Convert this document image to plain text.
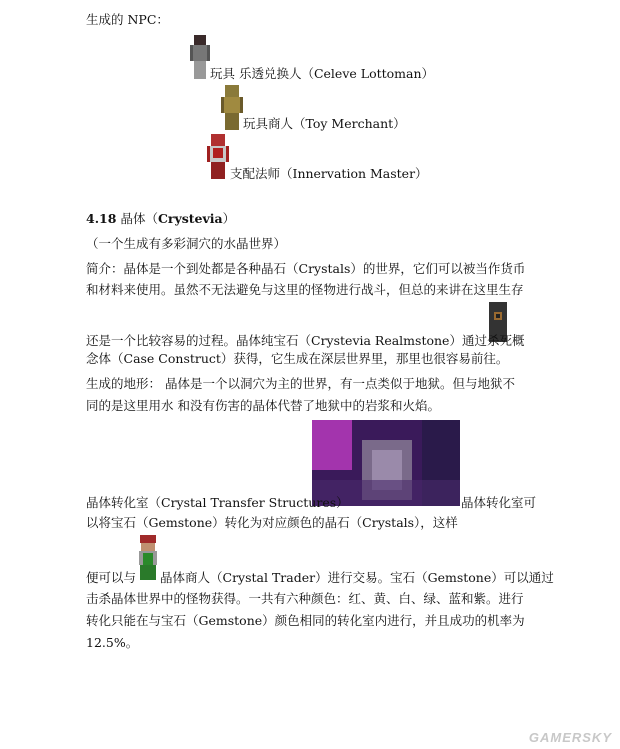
生成的 NPC：
玩具 乐透兑换人（Celeve Lottoman）
玩具商人（Toy Merchant）
支配法师（Innervation Master）
4.18 晶体（Crystevia）
（一个生成有多彩洞穴的水晶世界）
简介：晶体是一个到处都是各种晶石（Crystals）的世界，它们可以被当作货币
和材料来使用。虽然不无法避免与这里的怪物进行战斗，但总的来讲在这里生存
还是一个比较容易的过程。晶体纯宝石（Crystevia Realmstone）通过杀死 概
念体（Case Construct）获得，它生成在深层世界里，那里也很容易前往。
生成的地形： 晶体是一个以洞穴为主的世界，有一点类似于地狱。但与地狱不
同的是这里用水 和没有伤害的晶体代替了地狱中的岩浆和火焰。
晶体转化室（Crystal Transfer Structures）	晶体转化室可
以将宝石（Gemstone）转化为对应颜色的晶石（Crystals），这样
便可以与 晶体商人（Crystal Trader）进行交易。宝石（Gemstone）可以通过
击杀晶体世界中的怪物获得。一共有六种颜色：红、黄、白、绿、蓝和紫。进行
转化只能在与宝石（Gemstone）颜色相同的转化室内进行，并且成功的机率为
12.5%。
GAMERSKY
